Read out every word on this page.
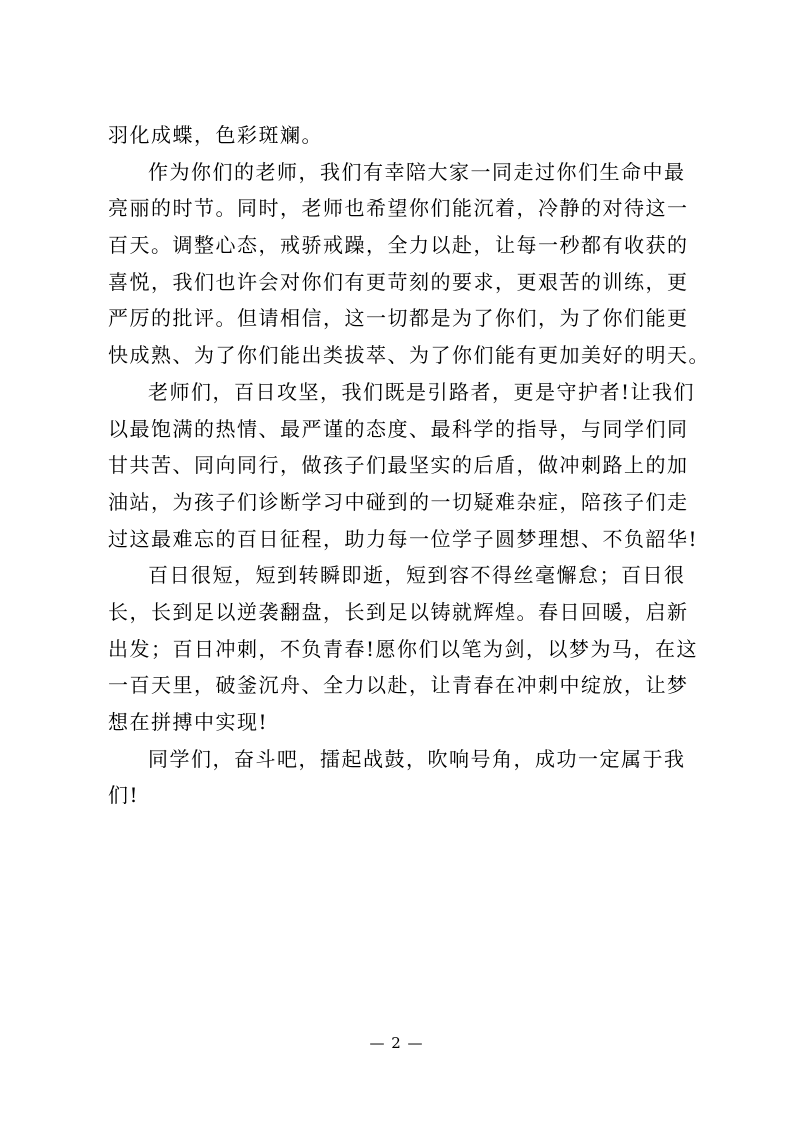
羽化成蝶，色彩斑斓。
作为你们的老师，我们有幸陪大家一同走过你们生命中最
亮丽的时节。同时，老师也希望你们能沉着，冷静的对待这一
百天。调整心态，戒骄戒躁，全力以赴，让每一秒都有收获的
喜悦，我们也许会对你们有更苛刻的要求，更艰苦的训练，更
严厉的批评。但请相信，这一切都是为了你们，为了你们能更
快成熟、为了你们能出类拔萃、为了你们能有更加美好的明天。
老师们，百日攻坚，我们既是引路者，更是守护者!让我们
以最饱满的热情、最严谨的态度、最科学的指导，与同学们同
甘共苦、同向同行，做孩子们最坚实的后盾，做冲刺路上的加
油站，为孩子们诊断学习中碰到的一切疑难杂症，陪孩子们走
过这最难忘的百日征程，助力每一位学子圆梦理想、不负韶华!
百日很短，短到转瞬即逝，短到容不得丝毫懈怠；百日很
长，长到足以逆袭翻盘，长到足以铸就辉煌。春日回暖，启新
出发；百日冲刺，不负青春!愿你们以笔为剑，以梦为马，在这
一百天里，破釜沉舟、全力以赴，让青春在冲刺中绽放，让梦
想在拼搏中实现!
同学们，奋斗吧，擂起战鼓，吹响号角，成功一定属于我
们!
— 2 —
